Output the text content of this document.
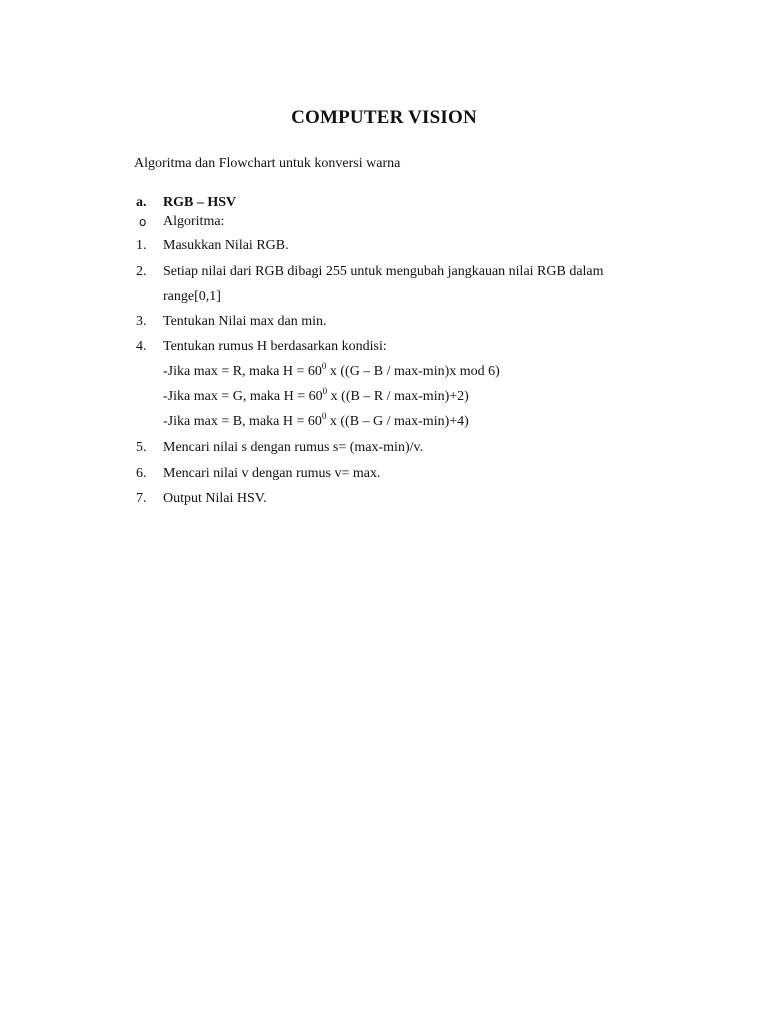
COMPUTER VISION
Algoritma dan Flowchart untuk konversi warna
a.	RGB – HSV
o	Algoritma:
1.	Masukkan Nilai RGB.
2.	Setiap nilai dari RGB dibagi 255 untuk mengubah jangkauan nilai RGB dalam
range[0,1]
3.	Tentukan Nilai max dan min.
4.	Tentukan rumus H berdasarkan kondisi:
-Jika max = R, maka $H = 60^0$ x ((G – B / max-min)x mod 6)
-Jika max = G, maka $H = 60^0$ x ((B – R / max-min)+2)
-Jika max = B, maka $H = 60^0$ x ((B – G / max-min)+4)
5.	Mencari nilai s dengan rumus s= (max-min)/v.
6.	Mencari nilai v dengan rumus v= max.
7.	Output Nilai HSV.
